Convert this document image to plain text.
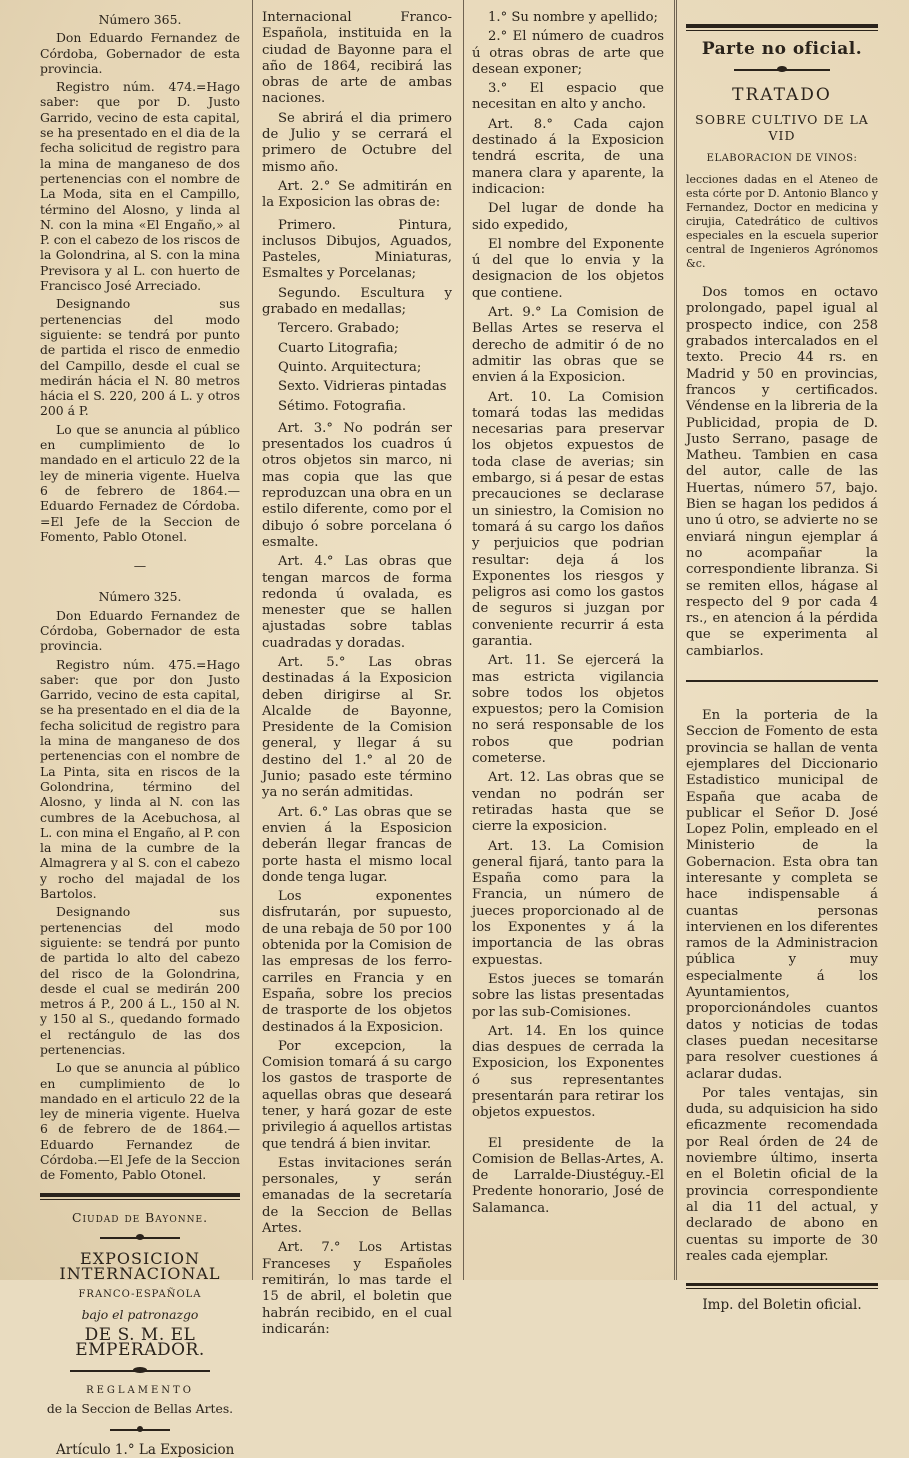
Número 365.

Don Eduardo Fernandez de Córdoba, Gobernador de esta provincia.

Registro núm. 474.=Hago saber: que por D. Justo Garrido, vecino de esta capital, se ha presentado en el dia de la fecha solicitud de registro para la mina de manganeso de dos pertenencias con el nombre de La Moda, sita en el Campillo, término del Alosno, y linda al N. con la mina «El Engaño,» al P. con el cabezo de los riscos de la Golondrina, al S. con la mina Previsora y al L. con huerto de Francisco José Arreciado.

Designando sus pertenencias del modo siguiente: se tendrá por punto de partida el risco de enmedio del Campillo, desde el cual se medirán hácia el N. 80 metros hácia el S. 220, 200 á L. y otros 200 á P.

Lo que se anuncia al público en cumplimiento de lo mandado en el articulo 22 de la ley de mineria vigente. Huelva 6 de febrero de 1864.—Eduardo Fernadez de Córdoba. =El Jefe de la Seccion de Fomento, Pablo Otonel.

—

Número 325.

Don Eduardo Fernandez de Córdoba, Gobernador de esta provincia.

Registro núm. 475.=Hago saber: que por don Justo Garrido, vecino de esta capital, se ha presentado en el dia de la fecha solicitud de registro para la mina de manganeso de dos pertenencias con el nombre de La Pinta, sita en riscos de la Golondrina, término del Alosno, y linda al N. con las cumbres de la Acebuchosa, al L. con mina el Engaño, al P. con la mina de la cumbre de la Almagrera y al S. con el cabezo y rocho del majadal de los Bartolos.

Designando sus pertenencias del modo siguiente: se tendrá por punto de partida lo alto del cabezo del risco de la Golondrina, desde el cual se medirán 200 metros á P., 200 á L., 150 al N. y 150 al S., quedando formado el rectángulo de las dos pertenencias.

Lo que se anuncia al público en cumplimiento de lo mandado en el articulo 22 de la ley de mineria vigente. Huelva 6 de febrero de de 1864.—Eduardo Fernandez de Córdoba.—El Jefe de la Seccion de Fomento, Pablo Otonel.

Ciudad de Bayonne.

EXPOSICION INTERNACIONAL

FRANCO-ESPAÑOLA

bajo el patronazgo

DE S. M. EL EMPERADOR.

REGLAMENTO

de la Seccion de Bellas Artes.

Artículo 1.° La Exposicion

Internacional Franco-Española, instituida en la ciudad de Bayonne para el año de 1864, recibirá las obras de arte de ambas naciones.

Se abrirá el dia primero de Julio y se cerrará el primero de Octubre del mismo año.

Art. 2.° Se admitirán en la Exposicion las obras de:

Primero. Pintura, inclusos Dibujos, Aguados, Pasteles, Miniaturas, Esmaltes y Porcelanas;

Segundo. Escultura y grabado en medallas;

Tercero. Grabado;

Cuarto Litografia;

Quinto. Arquitectura;

Sexto. Vidrieras pintadas

Sétimo. Fotografia.

Art. 3.° No podrán ser presentados los cuadros ú otros objetos sin marco, ni mas copia que las que reproduzcan una obra en un estilo diferente, como por el dibujo ó sobre porcelana ó esmalte.

Art. 4.° Las obras que tengan marcos de forma redonda ú ovalada, es menester que se hallen ajustadas sobre tablas cuadradas y doradas.

Art. 5.° Las obras destinadas á la Exposicion deben dirigirse al Sr. Alcalde de Bayonne, Presidente de la Comision general, y llegar á su destino del 1.° al 20 de Junio; pasado este término ya no serán admitidas.

Art. 6.° Las obras que se envien á la Esposicion deberán llegar francas de porte hasta el mismo local donde tenga lugar.

Los exponentes disfrutarán, por supuesto, de una rebaja de 50 por 100 obtenida por la Comision de las empresas de los ferro-carriles en Francia y en España, sobre los precios de trasporte de los objetos destinados á la Exposicion.

Por excepcion, la Comision tomará á su cargo los gastos de trasporte de aquellas obras que deseará tener, y hará gozar de este privilegio á aquellos artistas que tendrá á bien invitar.

Estas invitaciones serán personales, y serán emanadas de la secretaría de la Seccion de Bellas Artes.

Art. 7.° Los Artistas Franceses y Españoles remitirán, lo mas tarde el 15 de abril, el boletin que habrán recibido, en el cual indicarán:

1.° Su nombre y apellido;

2.° El número de cuadros ú otras obras de arte que desean exponer;

3.° El espacio que necesitan en alto y ancho.

Art. 8.° Cada cajon destinado á la Exposicion tendrá escrita, de una manera clara y aparente, la indicacion:

Del lugar de donde ha sido expedido,

El nombre del Exponente ú del que lo envia y la designacion de los objetos que contiene.

Art. 9.° La Comision de Bellas Artes se reserva el derecho de admitir ó de no admitir las obras que se envien á la Exposicion.

Art. 10. La Comision tomará todas las medidas necesarias para preservar los objetos expuestos de toda clase de averias; sin embargo, si á pesar de estas precauciones se declarase un siniestro, la Comision no tomará á su cargo los daños y perjuicios que podrian resultar: deja á los Exponentes los riesgos y peligros asi como los gastos de seguros si juzgan por conveniente recurrir á esta garantia.

Art. 11. Se ejercerá la mas estricta vigilancia sobre todos los objetos expuestos; pero la Comision no será responsable de los robos que podrian cometerse.

Art. 12. Las obras que se vendan no podrán ser retiradas hasta que se cierre la exposicion.

Art. 13. La Comision general fijará, tanto para la España como para la Francia, un número de jueces proporcionado al de los Exponentes y á la importancia de las obras expuestas.

Estos jueces se tomarán sobre las listas presentadas por las sub-Comisiones.

Art. 14. En los quince dias despues de cerrada la Exposicion, los Exponentes ó sus representantes presentarán para retirar los objetos expuestos.

El presidente de la Comision de Bellas-Artes, A. de Larralde-Diustéguy.-El Predente honorario, José de Salamanca.

Parte no oficial.

TRATADO

SOBRE CULTIVO DE LA VID

ELABORACION DE VINOS:

lecciones dadas en el Ateneo de esta córte por D. Antonio Blanco y Fernandez, Doctor en medicina y cirujia, Catedrático de cultivos especiales en la escuela superior central de Ingenieros Agrónomos &c.

Dos tomos en octavo prolongado, papel igual al prospecto indice, con 258 grabados intercalados en el texto. Precio 44 rs. en Madrid y 50 en provincias, francos y certificados. Véndense en la libreria de la Publicidad, propia de D. Justo Serrano, pasage de Matheu. Tambien en casa del autor, calle de las Huertas, número 57, bajo. Bien se hagan los pedidos á uno ú otro, se advierte no se enviará ningun ejemplar á no acompañar la correspondiente libranza. Si se remiten ellos, hágase al respecto del 9 por cada 4 rs., en atencion á la pérdida que se experimenta al cambiarlos.

En la porteria de la Seccion de Fomento de esta provincia se hallan de venta ejemplares del Diccionario Estadistico municipal de España que acaba de publicar el Señor D. José Lopez Polin, empleado en el Ministerio de la Gobernacion. Esta obra tan interesante y completa se hace indispensable á cuantas personas intervienen en los diferentes ramos de la Administracion pública y muy especialmente á los Ayuntamientos, proporcionándoles cuantos datos y noticias de todas clases puedan necesitarse para resolver cuestiones á aclarar dudas.

Por tales ventajas, sin duda, su adquisicion ha sido eficazmente recomendada por Real órden de 24 de noviembre último, inserta en el Boletin oficial de la provincia correspondiente al dia 11 del actual, y declarado de abono en cuentas su importe de 30 reales cada ejemplar.

Imp. del Boletin oficial.
